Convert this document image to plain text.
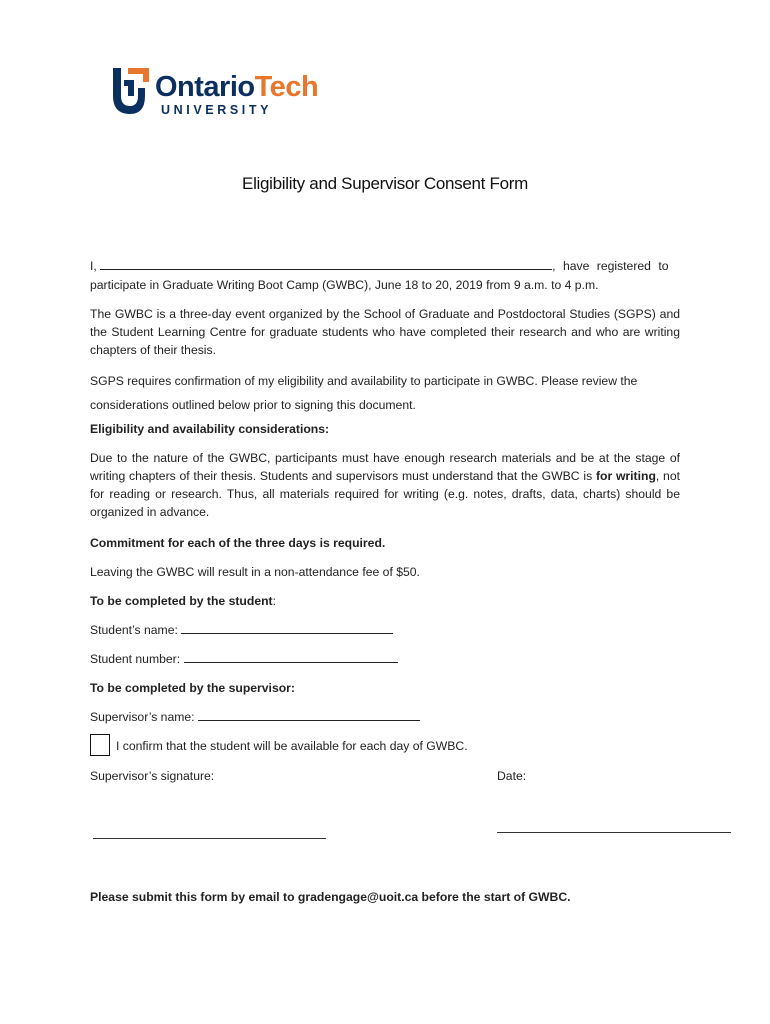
OntarioTech
UNIVERSITY
Eligibility and Supervisor Consent Form
I,	, have registered to
participate in Graduate Writing Boot Camp (GWBC), June 18 to 20, 2019 from 9 a.m. to 4 p.m.

The GWBC is a three-day event organized by the School of Graduate and Postdoctoral Studies (SGPS) and the Student Learning Centre for graduate students who have completed their research and who are writing chapters of their thesis.

SGPS requires confirmation of my eligibility and availability to participate in GWBC. Please review the
considerations outlined below prior to signing this document.
Eligibility and availability considerations:

Due to the nature of the GWBC, participants must have enough research materials and be at the stage of writing chapters of their thesis. Students and supervisors must understand that the GWBC is for writing, not for reading or research. Thus, all materials required for writing (e.g. notes, drafts, data, charts) should be organized in advance.

Commitment for each of the three days is required.
Leaving the GWBC will result in a non-attendance fee of $50.
To be completed by the student:
Student’s name:
Student number:
To be completed by the supervisor:
Supervisor’s name:
I confirm that the student will be available for each day of GWBC.
Supervisor’s signature:	Date:
Please submit this form by email to gradengage@uoit.ca before the start of GWBC.
